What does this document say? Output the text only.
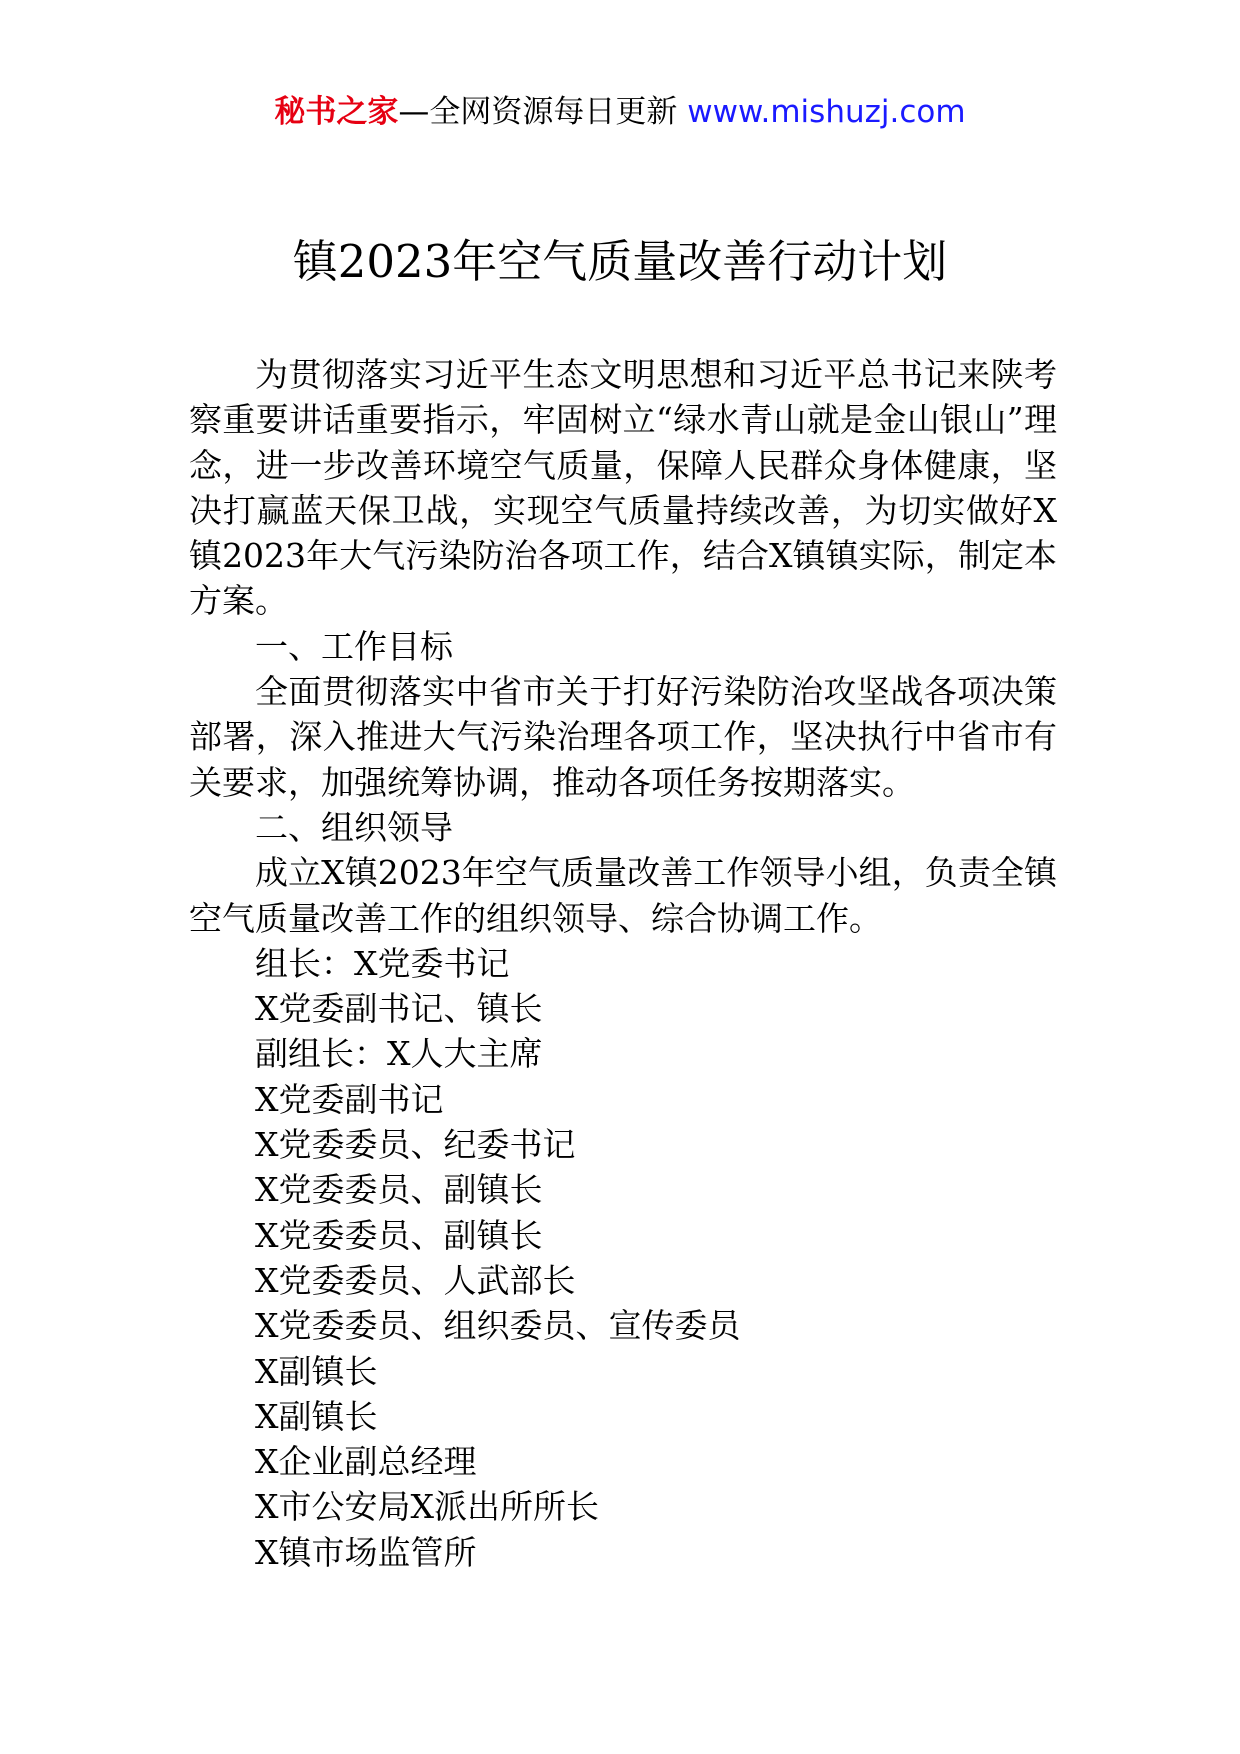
秘书之家—全网资源每日更新 www.mishuzj.com
镇2023年空气质量改善行动计划

为贯彻落实习近平生态文明思想和习近平总书记来陕考察重要讲话重要指示，牢固树立“绿水青山就是金山银山”理念，进一步改善环境空气质量，保障人民群众身体健康，坚决打赢蓝天保卫战，实现空气质量持续改善，为切实做好X镇2023年大气污染防治各项工作，结合X镇镇实际，制定本方案。

一、工作目标

全面贯彻落实中省市关于打好污染防治攻坚战各项决策部署，深入推进大气污染治理各项工作，坚决执行中省市有关要求，加强统筹协调，推动各项任务按期落实。

二、组织领导

成立X镇2023年空气质量改善工作领导小组，负责全镇空气质量改善工作的组织领导、综合协调工作。

组长：X党委书记
X党委副书记、镇长
副组长：X人大主席
X党委副书记
X党委委员、纪委书记
X党委委员、副镇长
X党委委员、副镇长
X党委委员、人武部长
X党委委员、组织委员、宣传委员
X副镇长
X副镇长
X企业副总经理
X市公安局X派出所所长
X镇市场监管所
